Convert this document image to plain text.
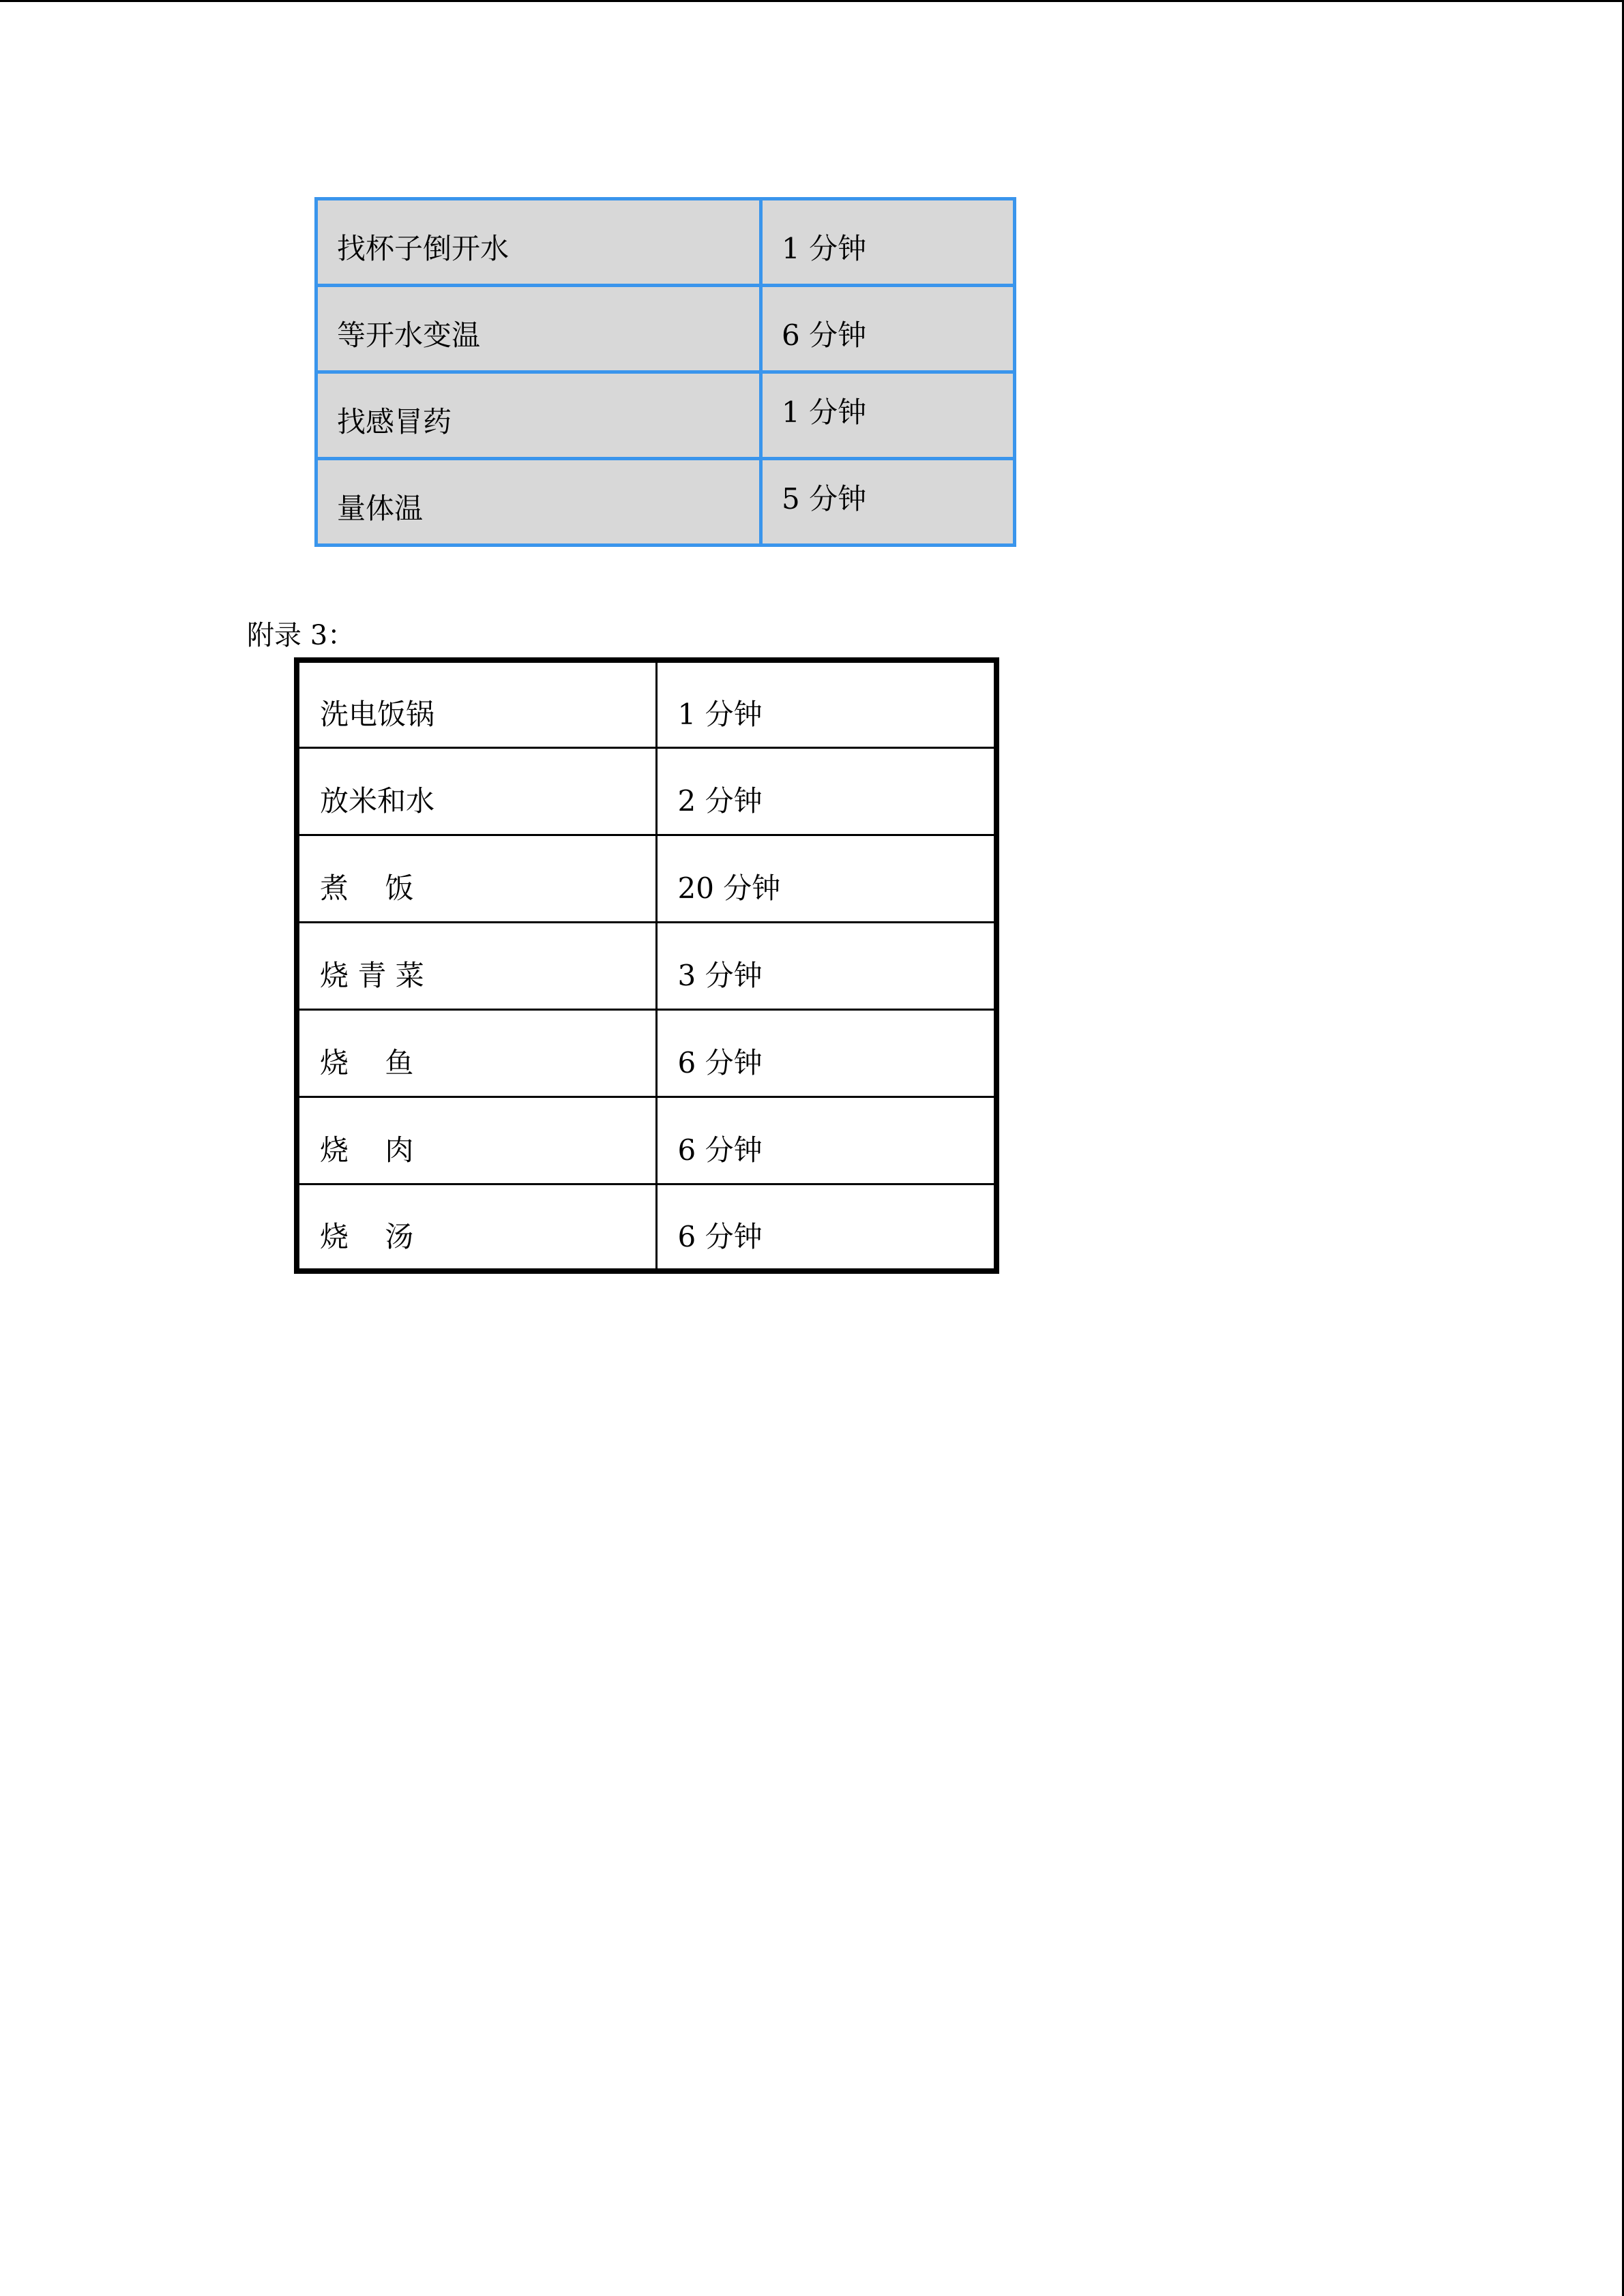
找杯子倒开水	1 分钟
等开水变温	6 分钟
找感冒药	1 分钟
量体温	5 分钟
附录 3：
洗电饭锅	1 分钟
放米和水	2 分钟
煮    饭	20 分钟
烧 青 菜	3 分钟
烧    鱼	6 分钟
烧    肉	6 分钟
烧    汤	6 分钟
